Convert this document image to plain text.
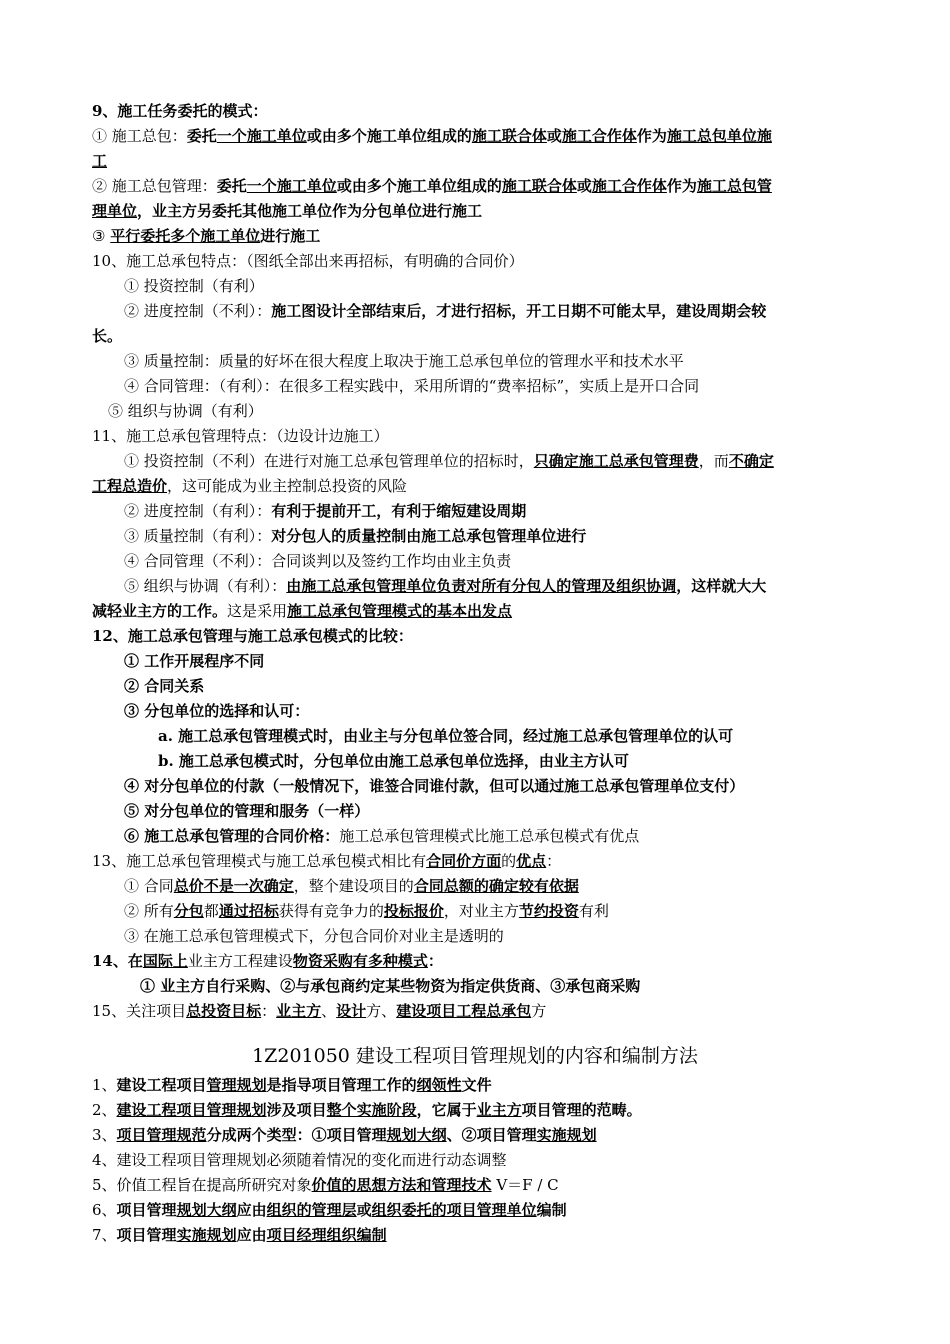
9、施工任务委托的模式：
① 施工总包：委托一个施工单位或由多个施工单位组成的施工联合体或施工合作体作为施工总包单位施
工
② 施工总包管理：委托一个施工单位或由多个施工单位组成的施工联合体或施工合作体作为施工总包管
理单位，业主方另委托其他施工单位作为分包单位进行施工
③ 平行委托多个施工单位进行施工
10、施工总承包特点：（图纸全部出来再招标，有明确的合同价）
① 投资控制（有利）
② 进度控制（不利）：施工图设计全部结束后，才进行招标，开工日期不可能太早，建设周期会较
长。
③ 质量控制：质量的好坏在很大程度上取决于施工总承包单位的管理水平和技术水平
④ 合同管理：（有利）：在很多工程实践中，采用所谓的“费率招标”，实质上是开口合同
⑤ 组织与协调（有利）
11、施工总承包管理特点：（边设计边施工）
① 投资控制（不利）在进行对施工总承包管理单位的招标时，只确定施工总承包管理费，而不确定
工程总造价，这可能成为业主控制总投资的风险
② 进度控制（有利）：有利于提前开工，有利于缩短建设周期
③ 质量控制（有利）：对分包人的质量控制由施工总承包管理单位进行
④ 合同管理（不利）：合同谈判以及签约工作均由业主负责
⑤ 组织与协调（有利）：由施工总承包管理单位负责对所有分包人的管理及组织协调，这样就大大
减轻业主方的工作。这是采用施工总承包管理模式的基本出发点
12、施工总承包管理与施工总承包模式的比较：
① 工作开展程序不同
② 合同关系
③ 分包单位的选择和认可：
a. 施工总承包管理模式时，由业主与分包单位签合同，经过施工总承包管理单位的认可
b. 施工总承包模式时，分包单位由施工总承包单位选择，由业主方认可
④ 对分包单位的付款（一般情况下，谁签合同谁付款，但可以通过施工总承包管理单位支付）
⑤ 对分包单位的管理和服务（一样）
⑥ 施工总承包管理的合同价格：施工总承包管理模式比施工总承包模式有优点
13、施工总承包管理模式与施工总承包模式相比有合同价方面的优点：
① 合同总价不是一次确定，整个建设项目的合同总额的确定较有依据
② 所有分包都通过招标获得有竞争力的投标报价，对业主方节约投资有利
③ 在施工总承包管理模式下，分包合同价对业主是透明的
14、在国际上业主方工程建设物资采购有多种模式：
① 业主方自行采购、②与承包商约定某些物资为指定供货商、③承包商采购
15、关注项目总投资目标：业主方、设计方、建设项目工程总承包方
1、建设工程项目管理规划是指导项目管理工作的纲领性文件
2、建设工程项目管理规划涉及项目整个实施阶段，它属于业主方项目管理的范畴。
3、项目管理规范分成两个类型：①项目管理规划大纲、②项目管理实施规划
4、建设工程项目管理规划必须随着情况的变化而进行动态调整
5、价值工程旨在提高所研究对象价值的思想方法和管理技术 V＝F / C
6、项目管理规划大纲应由组织的管理层或组织委托的项目管理单位编制
7、项目管理实施规划应由项目经理组织编制
1Z201050 建设工程项目管理规划的内容和编制方法
